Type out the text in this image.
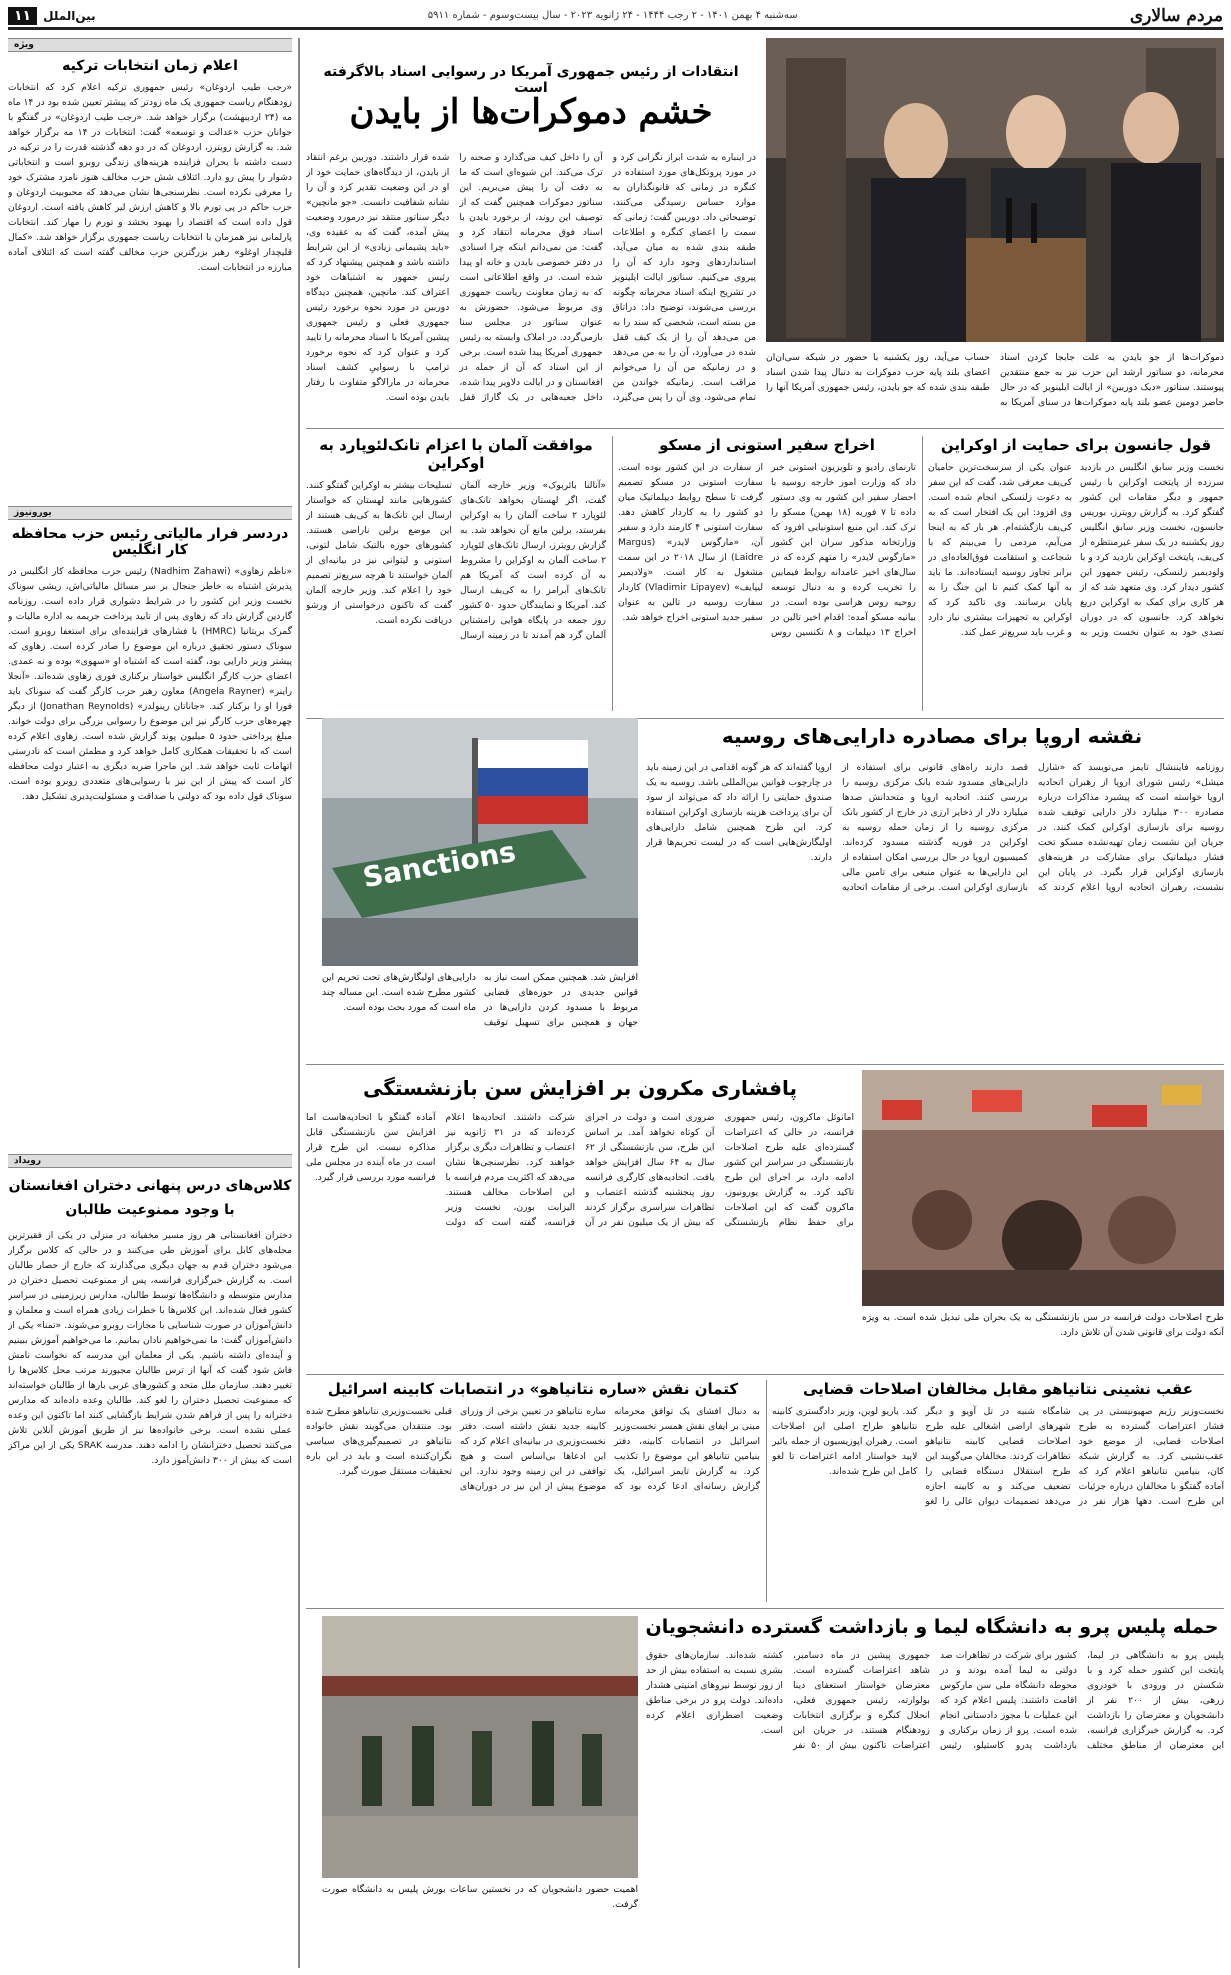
مردم سالاری
سه‌شنبه ۴ بهمن ۱۴۰۱ - ۲ رجب ۱۴۴۴ - ۲۴ ژانویه ۲۰۲۳ - سال بیست‌وسوم - شماره ۵۹۱۱
بین‌الملل
۱۱
انتقادات از رئیس جمهوری آمریکا در رسوایی اسناد بالاگرفته است
خشم دموکرات‌ها از بایدن
در اینباره به شدت ابراز نگرانی کرد و در مورد پروتکل‌های مورد استفاده در کنگره در زمانی که قانونگذاران به موارد حساس رسیدگی می‌کنند، توضیحاتی داد. دوربین گفت: زمانی که سمت را اعضای کنگره و اطلاعات طبقه بندی شده به میان می‌آید، استانداردهای وجود دارد که آن را پیروی می‌کنیم. سناتور ایالت ایلینویز در تشریح اینکه اسناد محرمانه چگونه بررسی می‌شوند، توضیح داد: دراتاق من بسته است، شخصی که سند را به من می‌دهد آن را از یک کیف قفل شده در می‌آورد، آن را به من می‌دهد و در زمانیکه من آن را می‌خوانم مراقب است. زمانیکه خواندن من تمام می‌شود، وی آن را پس می‌گیرد، آن را داخل کیف می‌گذارد و صحنه را ترک می‌کند. این شیوه‌ای است که ما به دقت آن را پیش می‌بریم. این سناتور دموکرات همچنین گفت که از توصیف این روند، از برخورد بایدن با اسناد فوق محرمانه انتقاد کرد و گفت: من نمی‌دانم اینکه چرا اسنادی در دفتر خصوصی بایدن و خانه او پیدا شده است. در واقع اطلاعاتی است که به زمان معاونت ریاست جمهوری وی مربوط می‌شود. حضورش به عنوان سناتور در مجلس سنا بازمی‌گردد. در املاک وابسته به رئیس جمهوری آمریکا پیدا شده است. برخی از این اسناد که آن از جمله در افغانستان و در ایالت دلاویر پیدا شده، داخل جعبه‌هایی در یک گاراژ قفل شده قرار داشتند. دوربین برغم انتقاد از بایدن، از دیدگاه‌های حمایت خود از او در این وضعیت تقدیر کرد و آن را نشانه شفافیت دانست. «جو مانچین» دیگر سناتور منتقد نیز درمورد وضعیت پیش آمده، گفت که به عقیده وی، «باید پشیمانی زیادی» از این شرایط داشته باشد و همچنین پیشنهاد کرد که رئیس جمهور به اشتباهات خود اعتراف کند. مانچین، همچنین دیدگاه دوربین در مورد نحوه برخورد رئیس جمهوری فعلی و رئیس جمهوری پیشین آمریکا با اسناد محرمانه را تایید کرد و عنوان کرد که نحوه برخورد ترامپ با رسواییِ کشف اسناد محرمانه در مارالاگو متفاوت با رفتار بایدن بوده است.
دموکرات‌ها از جو بایدن به علت جابجا کردن اسناد محرمانه، دو سناتور ارشد این حزب نیز به جمع منتقدین پیوستند. سناتور «دیک دوربین» از ایالت ایلینویز که در حال حاضر دومین عضو بلند پایه دموکرات‌ها در سنای آمریکا به حساب می‌آید، روز یکشنبه با حضور در شبکه سی‌ان‌ان اعضای بلند پایه حزب دموکرات به دنبال پیدا شدن اسناد طبقه بندی شده که جو بایدن، رئیس جمهوری آمریکا آنها را
قول جانسون برای حمایت از اوکراین
نخست وزیر سابق انگلیس در بازدید سرزده از پایتخت اوکراین با رئیس جمهور و دیگر مقامات این کشور گفتگو کرد. به گزارش رویترز، بوریس جانسون، نخست وزیر سابق انگلیس روز یکشنبه در یک سفر غیرمنتظره از کی‌یف، پایتخت اوکراین بازدید کرد و با ولودیمیر زلنسکی، رئیس جمهور این کشور دیدار کرد. وی متعهد شد که از هر کاری برای کمک به اوکراین دریغ نخواهد کرد. جانسون که در دوران تصدی خود به عنوان نخست وزیر به عنوان یکی از سرسخت‌ترین حامیان کی‌یف معرفی شد، گفت که این سفر به دعوت زلنسکی انجام شده است. وی افزود: این یک افتخار است که به کی‌یف بازگشته‌ام. هر بار که به اینجا می‌آیم، مردمی را می‌بینم که با شجاعت و استقامت فوق‌العاده‌ای در برابر تجاوز روسیه ایستاده‌اند. ما باید به آنها کمک کنیم تا این جنگ را به پایان برسانند. وی تاکید کرد که اوکراین به تجهیزات بیشتری نیاز دارد و غرب باید سریع‌تر عمل کند.
اخراج سفیر استونی از مسکو
تارنمای رادیو و تلویزیون استونی خبر داد که وزارت امور خارجه روسیه با احضار سفیر این کشور به وی دستور داده تا ۷ فوریه (۱۸ بهمن) مسکو را ترک کند. این منبع استونیایی افزود که وزارتخانه مذکور سران این کشور «مارگوس لایدر» را متهم کرده که در سال‌های اخیر عامدانه روابط فیمابین را تخریب کرده و به دنبال توسعه روحیه روس هراسی بوده است. در بیانیه مسکو آمده: اقدام اخیر تالین در اخراج ۱۳ دیپلمات و ۸ تکنسین روس از سفارت در این کشور بوده است. سفارت استونی در مسکو تصمیم گرفت تا سطح روابط دیپلماتیک میان دو کشور را به کاردار کاهش دهد. سفارت استونی ۴ کارمند دارد و سفیر آن، «مارگوس لایدر» (Margus Laidre) از سال ۲۰۱۸ در این سمت مشغول به کار است. «ولادیمیر لیپایف» (Vladimir Lipayev) کاردار سفارت روسیه در تالین به عنوان سفیر جدید استونی اخراج خواهد شد.
موافقت آلمان با اعزام تانک‌لئوپارد به اوکراین
«آنالنا بائربوک» وزیر خارجه آلمان گفت، اگر لهستان بخواهد تانک‌های لئوپارد ۲ ساخت آلمان را به اوکراین بفرستد، برلین مانع آن نخواهد شد. به گزارش رویترز، ارسال تانک‌های لئوپارد ۲ ساخت آلمان به اوکراین را مشروط به آن کرده است که آمریکا هم تانک‌های آبرامز را به کی‌یف ارسال کند. آمریکا و نمایندگان حدود ۵۰ کشور روز جمعه در پایگاه هوایی رامشتاین آلمان گرد هم آمدند تا در زمینه ارسال تسلیحات بیشتر به اوکراین گفتگو کنند. کشورهایی مانند لهستان که خواستار ارسال این تانک‌ها به کی‌یف هستند از این موضع برلین ناراضی هستند. کشورهای حوزه بالتیک شامل لتونی، استونی و لیتوانی نیز در بیانیه‌ای از آلمان خواستند تا هرچه سریع‌تر تصمیم خود را اعلام کند. وزیر خارجه آلمان گفت که تاکنون درخواستی از ورشو دریافت نکرده است.
نقشه اروپا برای مصادره دارایی‌های روسیه
Sanctions
افزایش شد. همچنین ممکن است نیاز به قوانین جدیدی در حوزه‌های قضایی مربوط با مسدود کردن دارایی‌ها در جهان و همچنین برای تسهیل توقیف دارایی‌های اولیگارش‌های تحت تحریم این کشور مطرح شده است. این مساله چند ماه است که مورد بحث بوده است.
روزنامه فایننشال تایمز می‌نویسد که «شارل میشل» رئیس شورای اروپا از رهبران اتحادیه اروپا خواسته است که پیشبرد مذاکرات درباره مصادره ۳۰۰ میلیارد دلار دارایی توقیف شده روسیه برای بازسازی اوکراین کمک کنند. در جریان این نشست زمان تهیه‌نشده مسکو تحت فشار دیپلماتیک برای مشارکت در هزینه‌های بازسازی اوکراین قرار بگیرد. در پایان این نشست، رهبران اتحادیه اروپا اعلام کردند که قصد دارند راه‌های قانونی برای استفاده از دارایی‌های مسدود شده بانک مرکزی روسیه را بررسی کنند. اتحادیه اروپا و متحدانش صدها میلیارد دلار از ذخایر ارزی در خارج از کشور بانک مرکزی روسیه را از زمان حمله روسیه به اوکراین در فوریه گذشته مسدود کرده‌اند. کمیسیون اروپا در حال بررسی امکان استفاده از این دارایی‌ها به عنوان منبعی برای تامین مالی بازسازی اوکراین است. برخی از مقامات اتحادیه اروپا گفته‌اند که هر گونه اقدامی در این زمینه باید در چارچوب قوانین بین‌المللی باشد. روسیه به یک صندوق حمایتی را ارائه داد که می‌تواند از سود آن برای پرداخت هزینه بازسازی اوکراین استفاده کرد. این طرح همچنین شامل دارایی‌های اولیگارش‌هایی است که در لیست تحریم‌ها قرار دارند.
طرح اصلاحات دولت فرانسه در سن بازنشستگی به یک بحران ملی تبدیل شده است. به ویژه آنکه دولت برای قانونی شدن آن تلاش دارد.
پافشاری مکرون بر افزایش سن بازنشستگی
امانوئل ماکرون، رئیس جمهوری فرانسه، در حالی که اعتراضات گسترده‌ای علیه طرح اصلاحات بازنشستگی در سراسر این کشور ادامه دارد، بر اجرای این طرح تاکید کرد. به گزارش یورونیوز، ماکرون گفت که این اصلاحات برای حفظ نظام بازنشستگی ضروری است و دولت در اجرای آن کوتاه نخواهد آمد. بر اساس این طرح، سن بازنشستگی از ۶۲ سال به ۶۴ سال افزایش خواهد یافت. اتحادیه‌های کارگری فرانسه روز پنجشنبه گذشته اعتصاب و تظاهرات سراسری برگزار کردند که بیش از یک میلیون نفر در آن شرکت داشتند. اتحادیه‌ها اعلام کرده‌اند که در ۳۱ ژانویه نیز اعتصاب و تظاهرات دیگری برگزار خواهند کرد. نظرسنجی‌ها نشان می‌دهد که اکثریت مردم فرانسه با این اصلاحات مخالف هستند. الیزابت بورن، نخست وزیر فرانسه، گفته است که دولت آماده گفتگو با اتحادیه‌هاست اما افزایش سن بازنشستگی قابل مذاکره نیست. این طرح قرار است در ماه آینده در مجلس ملی فرانسه مورد بررسی قرار گیرد.
عقب نشینی نتانیاهو مقابل مخالفان اصلاحات قضایی
نخست‌وزیر رژیم صهیونیستی در پی فشار اعتراضات گسترده به طرح اصلاحات قضایی، از موضع خود عقب‌نشینی کرد. به گزارش شبکه کان، بنیامین نتانیاهو اعلام کرد که آماده گفتگو با مخالفان درباره جزئیات این طرح است. دهها هزار نفر در شامگاه شنبه در تل آویو و دیگر شهرهای اراضی اشغالی علیه طرح اصلاحات قضایی کابینه نتانیاهو تظاهرات کردند. مخالفان می‌گویند این طرح استقلال دستگاه قضایی را تضعیف می‌کند و به کابینه اجازه می‌دهد تصمیمات دیوان عالی را لغو کند. یاریو لوین، وزیر دادگستری کابینه نتانیاهو طراح اصلی این اصلاحات است. رهبران اپوزیسیون از جمله یائیر لاپید خواستار ادامه اعتراضات تا لغو کامل این طرح شده‌اند.
کتمان نقش «ساره نتانیاهو» در انتصابات کابینه اسرائیل
به دنبال افشای یک توافق محرمانه مبنی بر ایفای نقش همسر نخست‌وزیر اسرائیل در انتصابات کابینه، دفتر بنیامین نتانیاهو این موضوع را تکذیب کرد. به گزارش تایمز اسرائیل، یک گزارش رسانه‌ای ادعا کرده بود که ساره نتانیاهو در تعیین برخی از وزرای کابینه جدید نقش داشته است. دفتر نخست‌وزیری در بیانیه‌ای اعلام کرد که این ادعاها بی‌اساس است و هیچ توافقی در این زمینه وجود ندارد. این موضوع پیش از این نیز در دوران‌های قبلی نخست‌وزیری نتانیاهو مطرح شده بود. منتقدان می‌گویند نقش خانواده نتانیاهو در تصمیم‌گیری‌های سیاسی نگران‌کننده است و باید در این باره تحقیقات مستقل صورت گیرد.
حمله پلیس پرو به دانشگاه لیما و بازداشت گسترده دانشجویان
پلیس پرو به دانشگاهی در لیما، پایتخت این کشور حمله کرد و با شکستن در ورودی با خودروی زرهی، بیش از ۲۰۰ نفر از دانشجویان و معترضان را بازداشت کرد. به گزارش خبرگزاری فرانسه، این معترضان از مناطق مختلف کشور برای شرکت در تظاهرات ضد دولتی به لیما آمده بودند و در محوطه دانشگاه ملی سن مارکوس اقامت داشتند. پلیس اعلام کرد که این عملیات با مجوز دادستانی انجام شده است. پرو از زمان برکناری و بازداشت پدرو کاستیلو، رئیس جمهوری پیشین در ماه دسامبر، شاهد اعتراضات گسترده است. معترضان خواستار استعفای دینا بولوارته، رئیس جمهوری فعلی، انحلال کنگره و برگزاری انتخابات زودهنگام هستند. در جریان این اعتراضات تاکنون بیش از ۵۰ نفر کشته شده‌اند. سازمان‌های حقوق بشری نسبت به استفاده بیش از حد از زور توسط نیروهای امنیتی هشدار داده‌اند. دولت پرو در برخی مناطق وضعیت اضطراری اعلام کرده است.
اهمیت حضور دانشجویان که در نخستین ساعات بورش پلیس به دانشگاه صورت گرفت.
ویژه
اعلام زمان انتخابات ترکیه
«رجب طیب اردوغان» رئیس جمهوری ترکیه اعلام کرد که انتخابات زودهنگام ریاست جمهوری یک ماه زودتر که پیشتر تعیین شده بود در ۱۴ ماه مه (۲۴ اردیبهشت) برگزار خواهد شد. «رجب طیب اردوغان» در گفتگو با جوانان حزب «عدالت و توسعه» گفت: انتخابات در ۱۴ مه برگزار خواهد شد. به گزارش رویترز، اردوغان که در دو دهه گذشته قدرت را در ترکیه در دست داشته با بحران فزاینده هزینه‌های زندگی روبرو است و انتخاباتی دشوار را پیش رو دارد. ائتلاف شش حزب مخالف هنوز نامزد مشترک خود را معرفی نکرده است. نظرسنجی‌ها نشان می‌دهد که محبوبیت اردوغان و حزب حاکم در پی تورم بالا و کاهش ارزش لیر کاهش یافته است. اردوغان قول داده است که اقتصاد را بهبود بخشد و تورم را مهار کند. انتخابات پارلمانی نیز همزمان با انتخابات ریاست جمهوری برگزار خواهد شد. «کمال قلیچدار اوغلو» رهبر بزرگترین حزب مخالف گفته است که ائتلاف آماده مبارزه در انتخابات است.
یورونیوز
دردسر فرار مالیاتی رئیس حزب محافظه کار انگلیس
«ناظم زهاوی» (Nadhim Zahawi) رئیس حزب محافظه کار انگلیس در پذیرش اشتباه به خاطر جنجال بر سر مسائل مالیاتی‌اش، ریشی سوناک نخست وزیر این کشور را در شرایط دشواری قرار داده است. روزنامه گاردین گزارش داد که زهاوی پس از تایید پرداخت جریمه به اداره مالیات و گمرک بریتانیا (HMRC) با فشارهای فزاینده‌ای برای استعفا روبرو است. سوناک دستور تحقیق درباره این موضوع را صادر کرده است. زهاوی که پیشتر وزیر دارایی بود، گفته است که اشتباه او «سهوی» بوده و نه عمدی. اعضای حزب کارگر انگلیس خواستار برکناری فوری زهاوی شده‌اند. «آنجلا راینر» (Angela Rayner) معاون رهبر حزب کارگر گفت که سوناک باید فورا او را برکنار کند. «جاناتان رینولدز» (Jonathan Reynolds) از دیگر چهره‌های حزب کارگر نیز این موضوع را رسوایی بزرگی برای دولت خواند. مبلغ پرداختی حدود ۵ میلیون پوند گزارش شده است. زهاوی اعلام کرده است که با تحقیقات همکاری کامل خواهد کرد و مطمئن است که نادرستی اتهامات ثابت خواهد شد. این ماجرا ضربه دیگری به اعتبار دولت محافظه کار است که پیش از این نیز با رسوایی‌های متعددی روبرو بوده است. سوناک قول داده بود که دولتی با صداقت و مسئولیت‌پذیری تشکیل دهد.
رویداد
کلاس‌های درس پنهانی دختران افغانستان با وجود ممنوعیت طالبان
دختران افغانستانی هر روز مسیر مخفیانه در منزلی در یکی از فقیرترین محله‌های کابل برای آموزش طی می‌کنند و در حالی که کلاس برگزار می‌شود دختران قدم به جهان دیگری می‌گذارند که خارج از حصار طالبان است. به گزارش خبرگزاری فرانسه، پس از ممنوعیت تحصیل دختران در مدارس متوسطه و دانشگاه‌ها توسط طالبان، مدارس زیرزمینی در سراسر کشور فعال شده‌اند. این کلاس‌ها با خطرات زیادی همراه است و معلمان و دانش‌آموزان در صورت شناسایی با مجازات روبرو می‌شوند. «تمنا» یکی از دانش‌آموزان گفت: ما نمی‌خواهیم نادان بمانیم. ما می‌خواهیم آموزش ببینیم و آینده‌ای داشته باشیم. یکی از معلمان این مدرسه که نخواست نامش فاش شود گفت که آنها از ترس طالبان مجبورند مرتب محل کلاس‌ها را تغییر دهند. سازمان ملل متحد و کشورهای غربی بارها از طالبان خواسته‌اند که ممنوعیت تحصیل دختران را لغو کند. طالبان وعده داده‌اند که مدارس دخترانه را پس از فراهم شدن شرایط بازگشایی کنند اما تاکنون این وعده عملی نشده است. برخی خانواده‌ها نیز از طریق آموزش آنلاین تلاش می‌کنند تحصیل دخترانشان را ادامه دهند. مدرسه SRAK یکی از این مراکز است که بیش از ۳۰۰ دانش‌آموز دارد.
